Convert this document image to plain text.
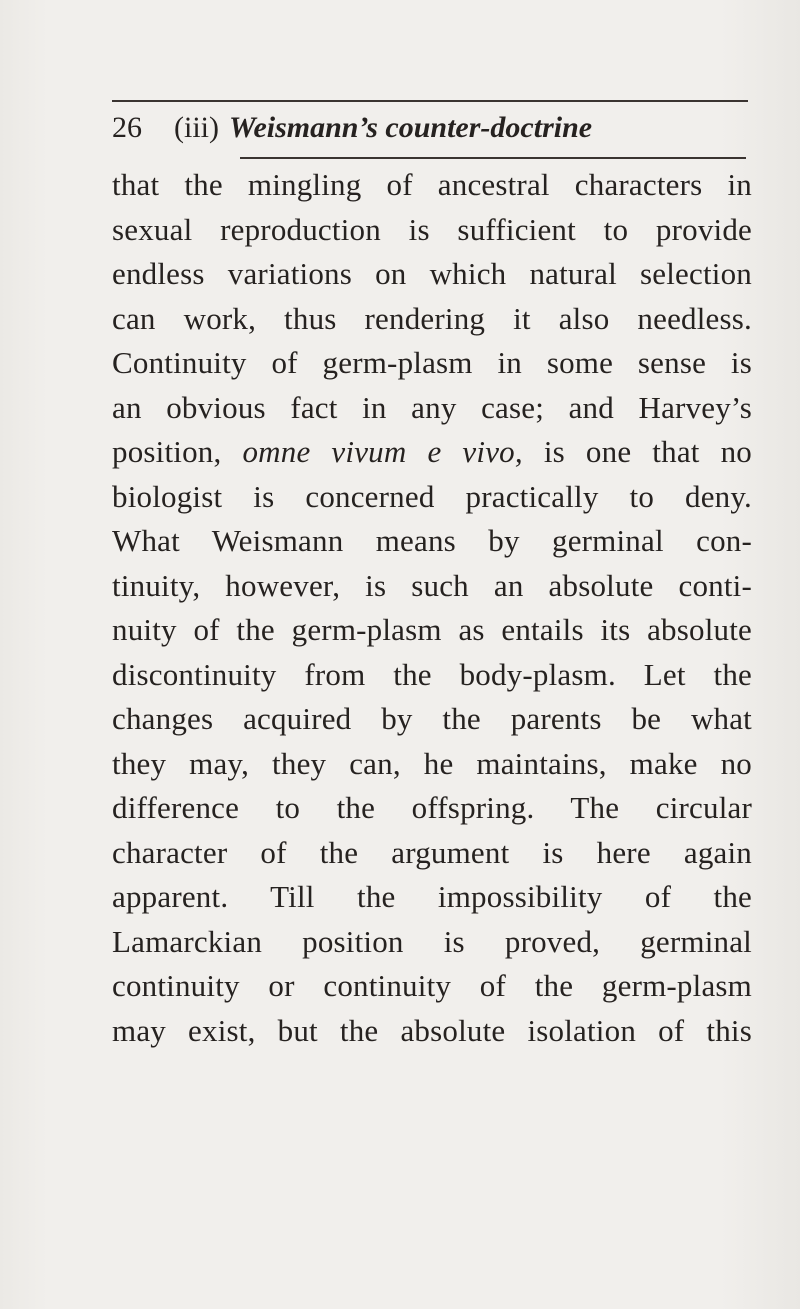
26 (iii) Weismann’s counter-doctrine
that the mingling of ancestral characters in
sexual reproduction is sufficient to provide
endless variations on which natural selection
can work, thus rendering it also needless.
Continuity of germ-plasm in some sense is
an obvious fact in any case; and Harvey’s
position, omne vivum e vivo, is one that no
biologist is concerned practically to deny.
What Weismann means by germinal con-
tinuity, however, is such an absolute conti-
nuity of the germ-plasm as entails its absolute
discontinuity from the body-plasm. Let the
changes acquired by the parents be what
they may, they can, he maintains, make no
difference to the offspring. The circular
character of the argument is here again
apparent. Till the impossibility of the
Lamarckian position is proved, germinal
continuity or continuity of the germ-plasm
may exist, but the absolute isolation of this
